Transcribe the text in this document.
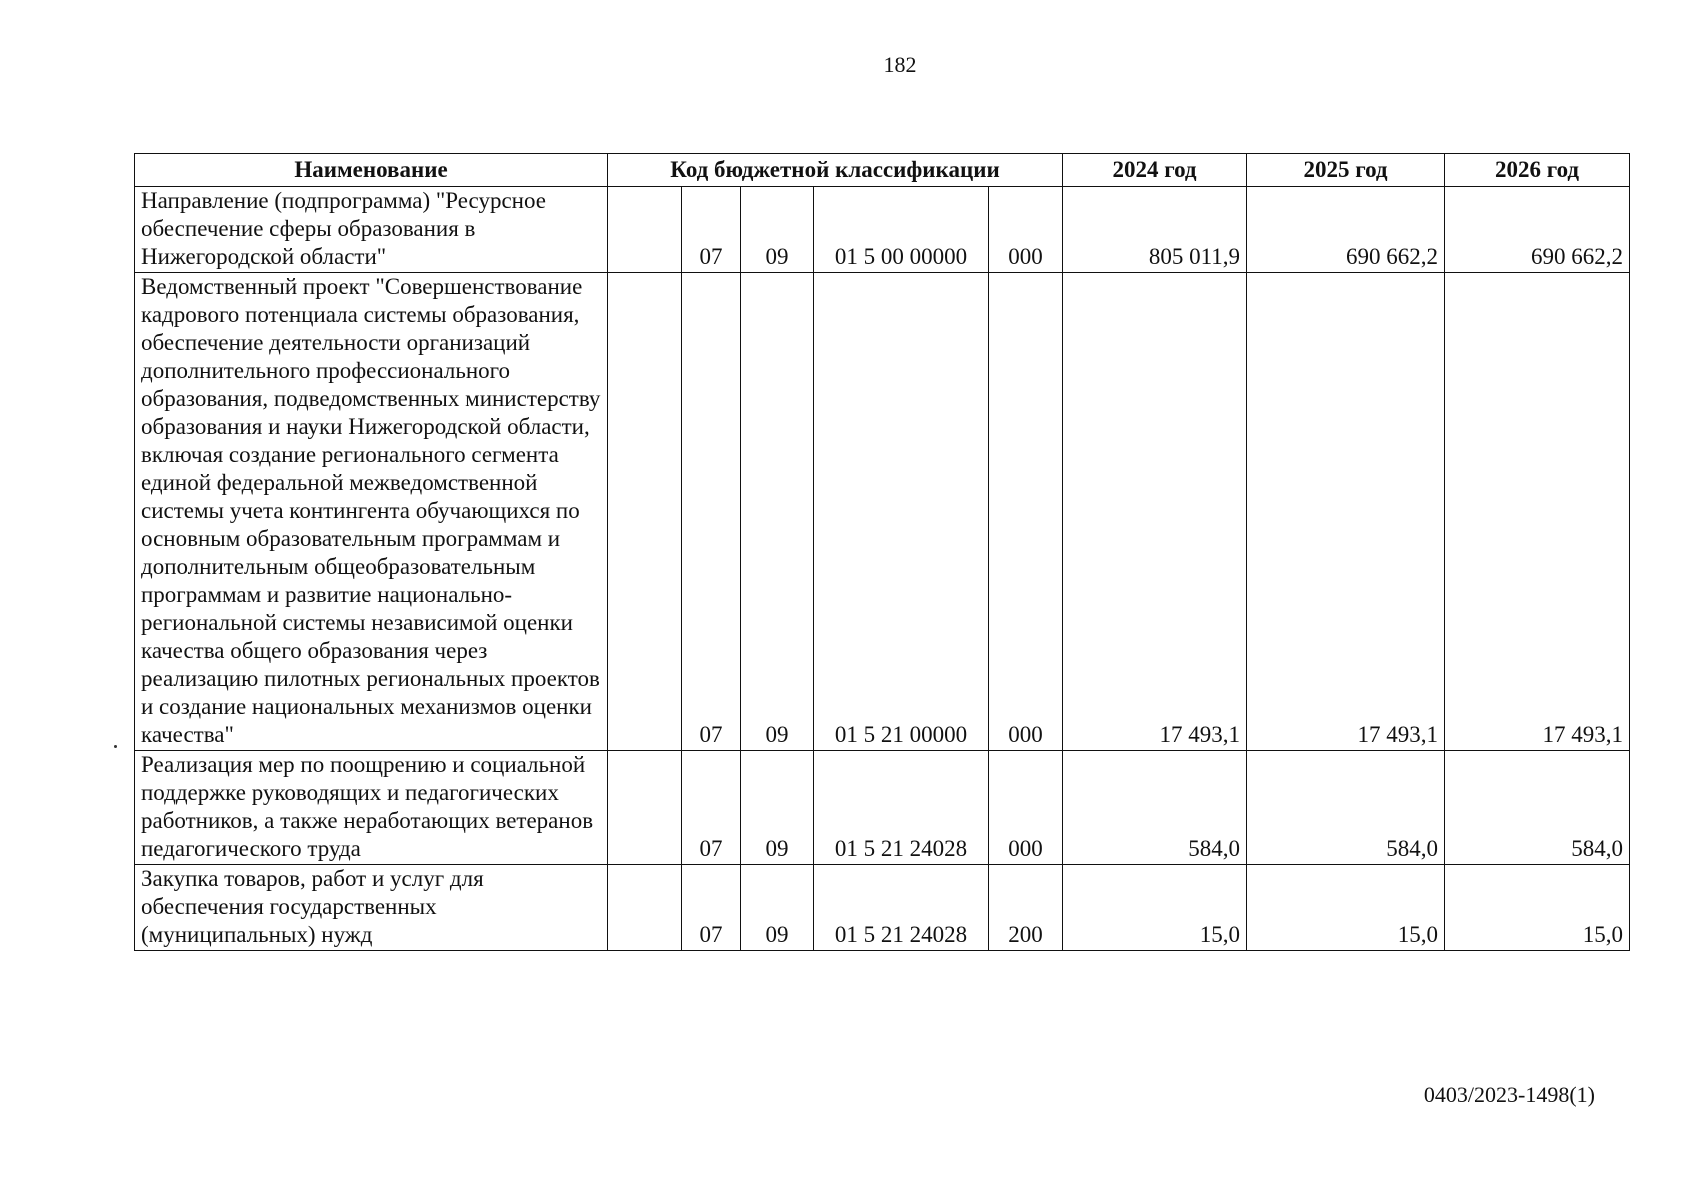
182
Наименование	Код бюджетной классификации					2024 год	2025 год	2026 год
Направление (подпрограмма) "Ресурсное обеспечение сферы образования в Нижегородской области"		07	09	01 5 00 00000	000	805 011,9	690 662,2	690 662,2
Ведомственный проект "Совершенствование кадрового потенциала системы образования, обеспечение деятельности организаций дополнительного профессионального образования, подведомственных министерству образования и науки Нижегородской области, включая создание регионального сегмента единой федеральной межведомственной системы учета контингента обучающихся по основным образовательным программам и дополнительным общеобразовательным программам и развитие национально-региональной системы независимой оценки качества общего образования через реализацию пилотных региональных проектов и создание национальных механизмов оценки качества"		07	09	01 5 21 00000	000	17 493,1	17 493,1	17 493,1
Реализация мер по поощрению и социальной поддержке руководящих и педагогических работников, а также неработающих ветеранов педагогического труда		07	09	01 5 21 24028	000	584,0	584,0	584,0
Закупка товаров, работ и услуг для обеспечения государственных (муниципальных) нужд		07	09	01 5 21 24028	200	15,0	15,0	15,0
0403/2023-1498(1)
